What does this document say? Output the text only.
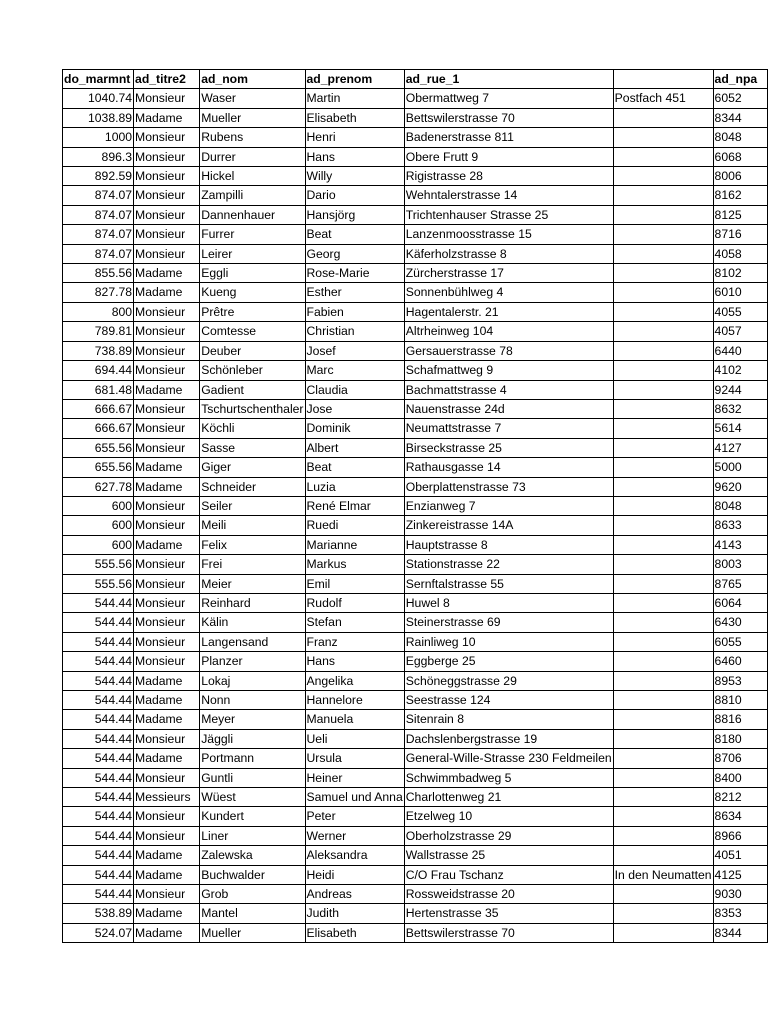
do_marmnt	ad_titre2	ad_nom	ad_prenom	ad_rue_1		ad_npa
1040.74	Monsieur	Waser	Martin	Obermattweg 7	Postfach 451	6052
1038.89	Madame	Mueller	Elisabeth	Bettswilerstrasse 70		8344
1000	Monsieur	Rubens	Henri	Badenerstrasse 811		8048
896.3	Monsieur	Durrer	Hans	Obere Frutt 9		6068
892.59	Monsieur	Hickel	Willy	Rigistrasse 28		8006
874.07	Monsieur	Zampilli	Dario	Wehntalerstrasse 14		8162
874.07	Monsieur	Dannenhauer	Hansjörg	Trichtenhauser Strasse 25		8125
874.07	Monsieur	Furrer	Beat	Lanzenmoosstrasse 15		8716
874.07	Monsieur	Leirer	Georg	Käferholzstrasse 8		4058
855.56	Madame	Eggli	Rose-Marie	Zürcherstrasse 17		8102
827.78	Madame	Kueng	Esther	Sonnenbühlweg 4		6010
800	Monsieur	Prêtre	Fabien	Hagentalerstr. 21		4055
789.81	Monsieur	Comtesse	Christian	Altrheinweg 104		4057
738.89	Monsieur	Deuber	Josef	Gersauerstrasse 78		6440
694.44	Monsieur	Schönleber	Marc	Schafmattweg 9		4102
681.48	Madame	Gadient	Claudia	Bachmattstrasse 4		9244
666.67	Monsieur	Tschurtschenthaler	Jose	Nauenstrasse 24d		8632
666.67	Monsieur	Köchli	Dominik	Neumattstrasse 7		5614
655.56	Monsieur	Sasse	Albert	Birseckstrasse 25		4127
655.56	Madame	Giger	Beat	Rathausgasse 14		5000
627.78	Madame	Schneider	Luzia	Oberplattenstrasse 73		9620
600	Monsieur	Seiler	René Elmar	Enzianweg 7		8048
600	Monsieur	Meili	Ruedi	Zinkereistrasse 14A		8633
600	Madame	Felix	Marianne	Hauptstrasse 8		4143
555.56	Monsieur	Frei	Markus	Stationstrasse 22		8003
555.56	Monsieur	Meier	Emil	Sernftalstrasse 55		8765
544.44	Monsieur	Reinhard	Rudolf	Huwel 8		6064
544.44	Monsieur	Kälin	Stefan	Steinerstrasse 69		6430
544.44	Monsieur	Langensand	Franz	Rainliweg 10		6055
544.44	Monsieur	Planzer	Hans	Eggberge 25		6460
544.44	Madame	Lokaj	Angelika	Schöneggstrasse 29		8953
544.44	Madame	Nonn	Hannelore	Seestrasse 124		8810
544.44	Madame	Meyer	Manuela	Sitenrain 8		8816
544.44	Monsieur	Jäggli	Ueli	Dachslenbergstrasse 19		8180
544.44	Madame	Portmann	Ursula	General-Wille-Strasse 230 Feldmeilen		8706
544.44	Monsieur	Guntli	Heiner	Schwimmbadweg 5		8400
544.44	Messieurs	Wüest	Samuel und Anna	Charlottenweg 21		8212
544.44	Monsieur	Kundert	Peter	Etzelweg 10		8634
544.44	Monsieur	Liner	Werner	Oberholzstrasse 29		8966
544.44	Madame	Zalewska	Aleksandra	Wallstrasse 25		4051
544.44	Madame	Buchwalder	Heidi	C/O Frau Tschanz	In den Neumatten	4125
544.44	Monsieur	Grob	Andreas	Rossweidstrasse 20		9030
538.89	Madame	Mantel	Judith	Hertenstrasse 35		8353
524.07	Madame	Mueller	Elisabeth	Bettswilerstrasse 70		8344
